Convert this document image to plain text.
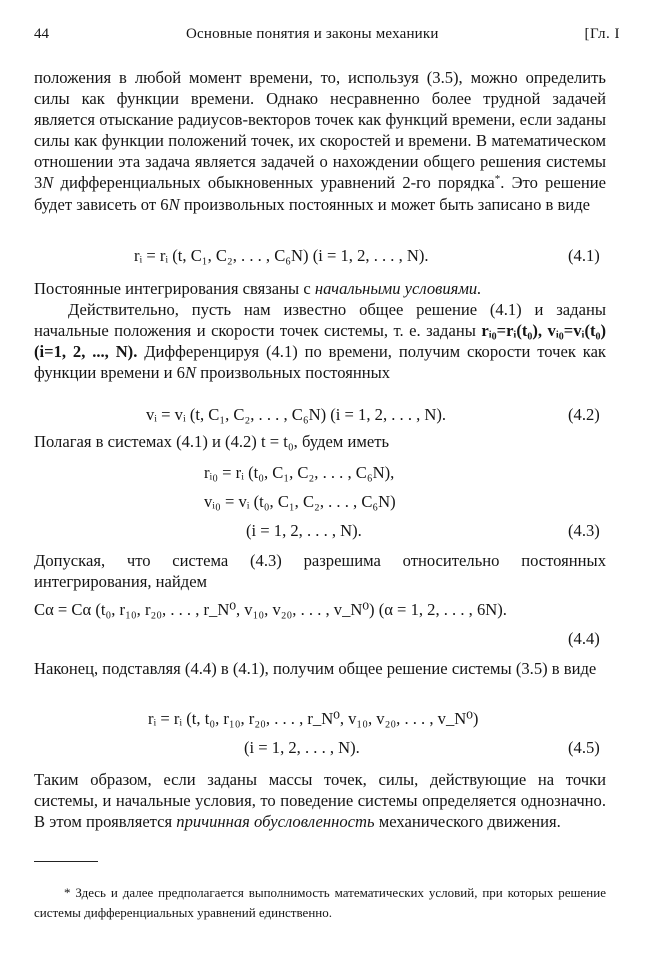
44	Основные понятия и законы механики	[Гл. I
положения в любой момент времени, то, используя (3.5), можно определить силы как функции времени. Однако несравненно более трудной задачей является отыскание радиусов-векторов точек как функций времени, если заданы силы как функции положений точек, их скоростей и времени. В математическом отношении эта задача является задачей о нахождении общего решения системы 3N дифференциальных обыкновенных уравнений 2-го порядка*. Это решение будет зависеть от 6N произвольных постоянных и может быть записано в виде
rᵢ = rᵢ (t, C₁, C₂, . . . , C₆N) (i = 1, 2, . . . , N).	(4.1)
Постоянные интегрирования связаны с начальными условиями.
Действительно, пусть нам известно общее решение (4.1) и заданы начальные положения и скорости точек системы, т. е. заданы rᵢ₀=rᵢ(t₀), vᵢ₀=vᵢ(t₀) (i=1, 2, ..., N). Дифференцируя (4.1) по времени, получим скорости точек как функции времени и 6N произвольных постоянных
vᵢ = vᵢ (t, C₁, C₂, . . . , C₆N) (i = 1, 2, . . . , N).	(4.2)
Полагая в системах (4.1) и (4.2) t = t₀, будем иметь
rᵢ₀ = rᵢ (t₀, C₁, C₂, . . . , C₆N),
vᵢ₀ = vᵢ (t₀, C₁, C₂, . . . , C₆N)
(i = 1, 2, . . . , N).	(4.3)
Допуская, что система (4.3) разрешима относительно постоянных интегрирования, найдем
Cα = Cα (t₀, r₁₀, r₂₀, . . . , r_N⁰, v₁₀, v₂₀, . . . , v_N⁰) (α = 1, 2, . . . , 6N).
(4.4)
Наконец, подставляя (4.4) в (4.1), получим общее решение системы (3.5) в виде
rᵢ = rᵢ (t, t₀, r₁₀, r₂₀, . . . , r_N⁰, v₁₀, v₂₀, . . . , v_N⁰)
(i = 1, 2, . . . , N).	(4.5)
Таким образом, если заданы массы точек, силы, действующие на точки системы, и начальные условия, то поведение системы определяется однозначно. В этом проявляется причинная обусловленность механического движения.
* Здесь и далее предполагается выполнимость математических условий, при которых решение системы дифференциальных уравнений единственно.
